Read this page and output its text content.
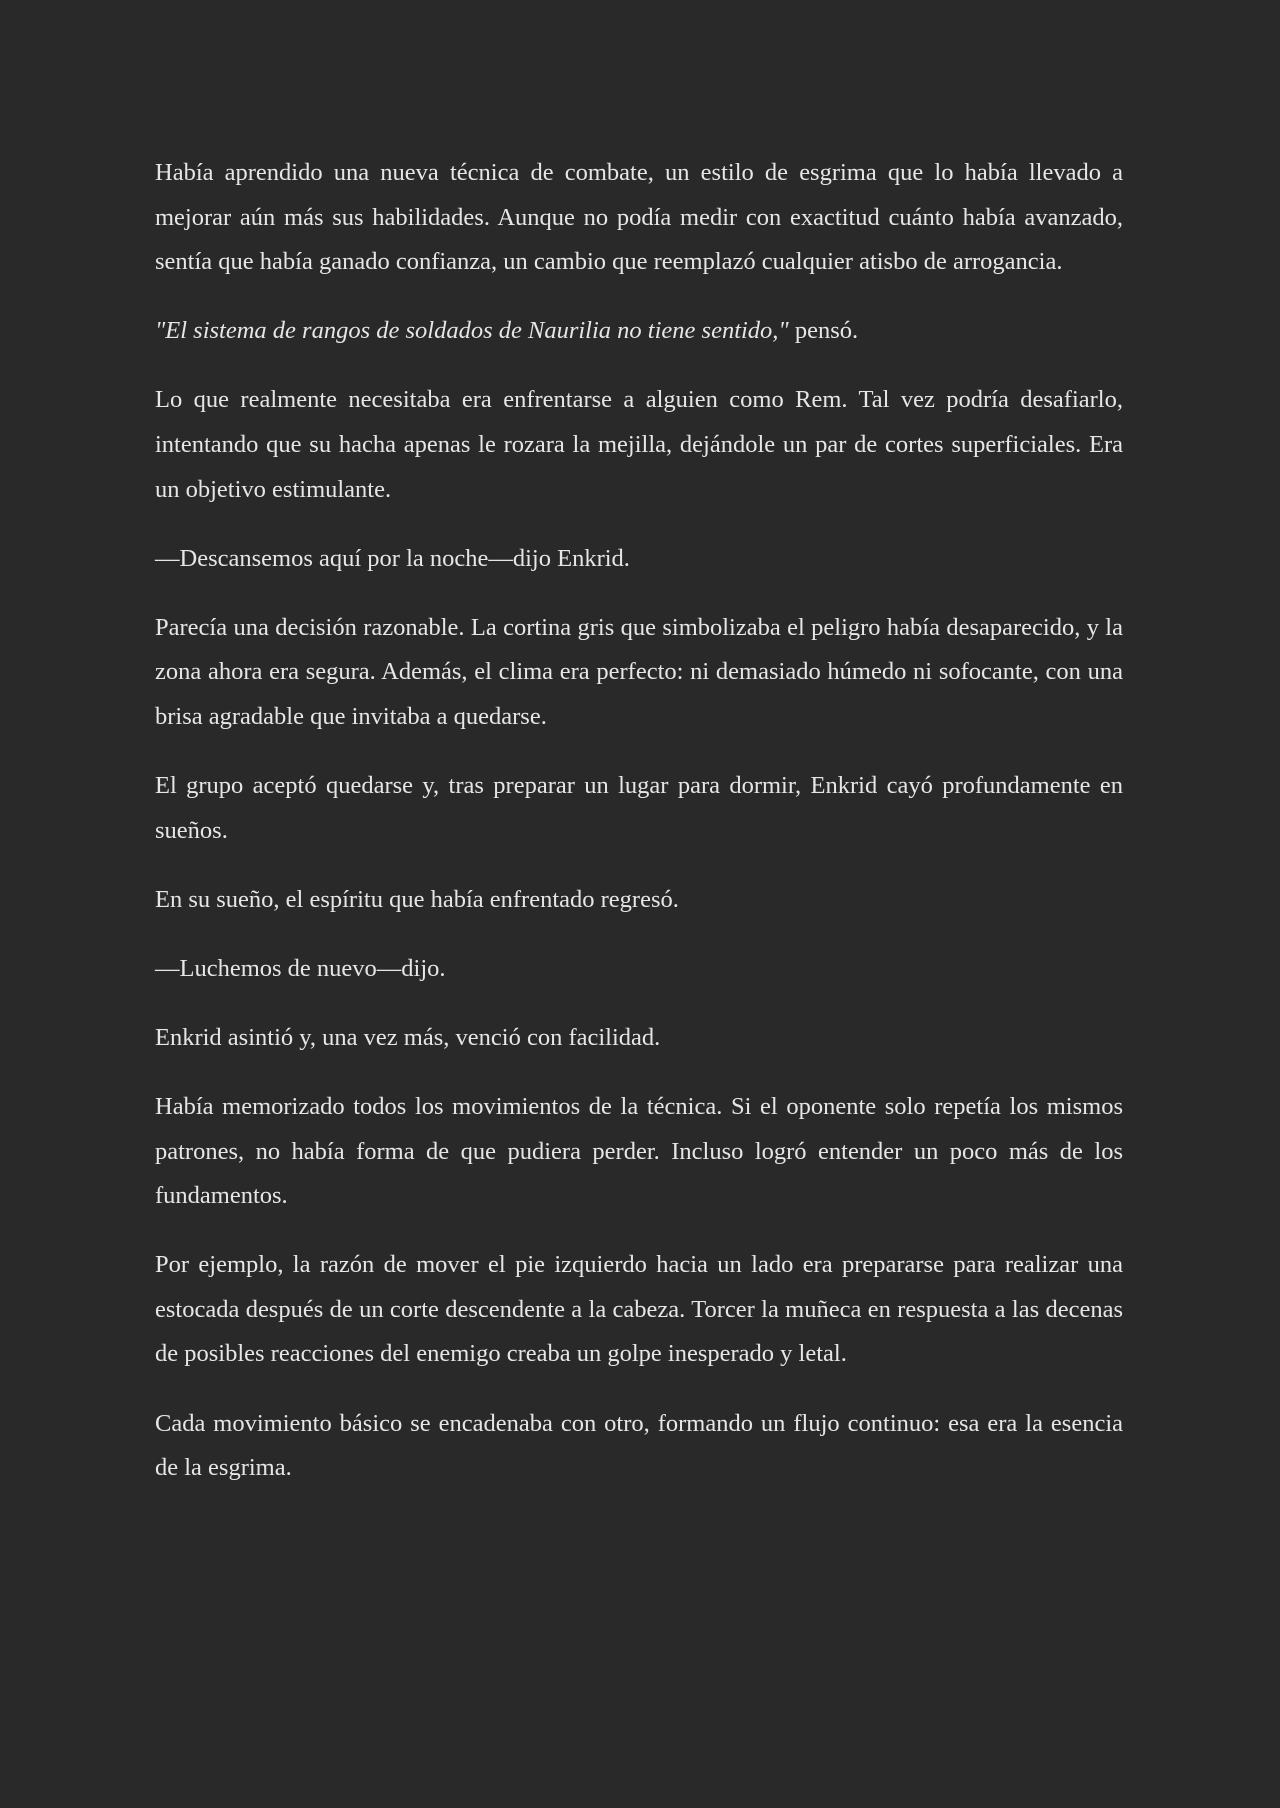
Había aprendido una nueva técnica de combate, un estilo de esgrima que lo había llevado a mejorar aún más sus habilidades. Aunque no podía medir con exactitud cuánto había avanzado, sentía que había ganado confianza, un cambio que reemplazó cualquier atisbo de arrogancia.

"El sistema de rangos de soldados de Naurilia no tiene sentido," pensó.

Lo que realmente necesitaba era enfrentarse a alguien como Rem. Tal vez podría desafiarlo, intentando que su hacha apenas le rozara la mejilla, dejándole un par de cortes superficiales. Era un objetivo estimulante.

—Descansemos aquí por la noche—dijo Enkrid.

Parecía una decisión razonable. La cortina gris que simbolizaba el peligro había desaparecido, y la zona ahora era segura. Además, el clima era perfecto: ni demasiado húmedo ni sofocante, con una brisa agradable que invitaba a quedarse.

El grupo aceptó quedarse y, tras preparar un lugar para dormir, Enkrid cayó profundamente en sueños.

En su sueño, el espíritu que había enfrentado regresó.

—Luchemos de nuevo—dijo.

Enkrid asintió y, una vez más, venció con facilidad.

Había memorizado todos los movimientos de la técnica. Si el oponente solo repetía los mismos patrones, no había forma de que pudiera perder. Incluso logró entender un poco más de los fundamentos.

Por ejemplo, la razón de mover el pie izquierdo hacia un lado era prepararse para realizar una estocada después de un corte descendente a la cabeza. Torcer la muñeca en respuesta a las decenas de posibles reacciones del enemigo creaba un golpe inesperado y letal.

Cada movimiento básico se encadenaba con otro, formando un flujo continuo: esa era la esencia de la esgrima.
